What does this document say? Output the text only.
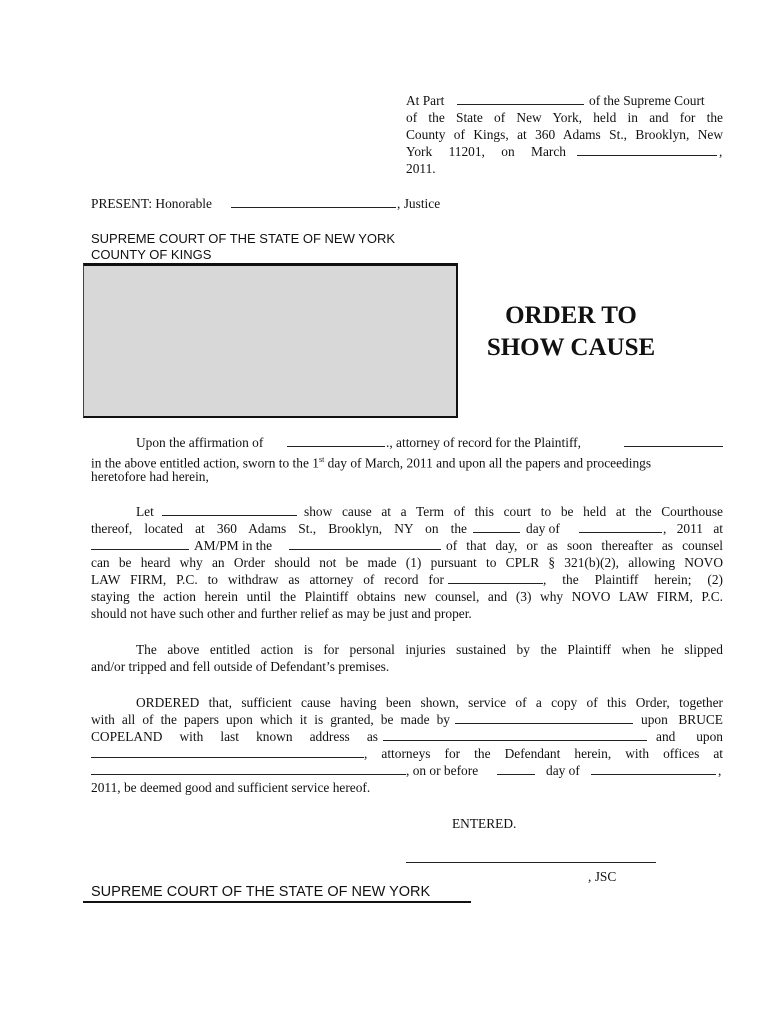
At Part	of the Supreme Court
of the State of New York, held in and for the
County of Kings, at 360 Adams St., Brooklyn, New
York 11201, on March	,
2011.
PRESENT: Honorable	, Justice
SUPREME COURT OF THE STATE OF NEW YORK
COUNTY OF KINGS
ORDER TO
SHOW CAUSE
Upon the affirmation of	., attorney of record for the Plaintiff,
in the above entitled action, sworn to the 1st day of March, 2011 and upon all the papers and proceedings
heretofore had herein,
Let	show cause at a Term of this court to be held at the Courthouse
thereof, located at 360 Adams St., Brooklyn, NY on the	day of	, 2011 at
AM/PM in the	of that day, or as soon thereafter as counsel
can be heard why an Order should not be made (1) pursuant to CPLR § 321(b)(2), allowing NOVO
LAW FIRM, P.C. to withdraw as attorney of record for	, the Plaintiff herein; (2)
staying the action herein until the Plaintiff obtains new counsel, and (3) why NOVO LAW FIRM, P.C.
should not have such other and further relief as may be just and proper.
The above entitled action is for personal injuries sustained by the Plaintiff when he slipped
and/or tripped and fell outside of Defendant’s premises.
ORDERED that, sufficient cause having been shown, service of a copy of this Order, together
with all of the papers upon which it is granted, be made by	upon BRUCE
COPELAND with last known address as	and upon
, attorneys for the Defendant herein, with offices at
, on or before	day of	,
2011, be deemed good and sufficient service hereof.
ENTERED.
, JSC
SUPREME COURT OF THE STATE OF NEW YORK
